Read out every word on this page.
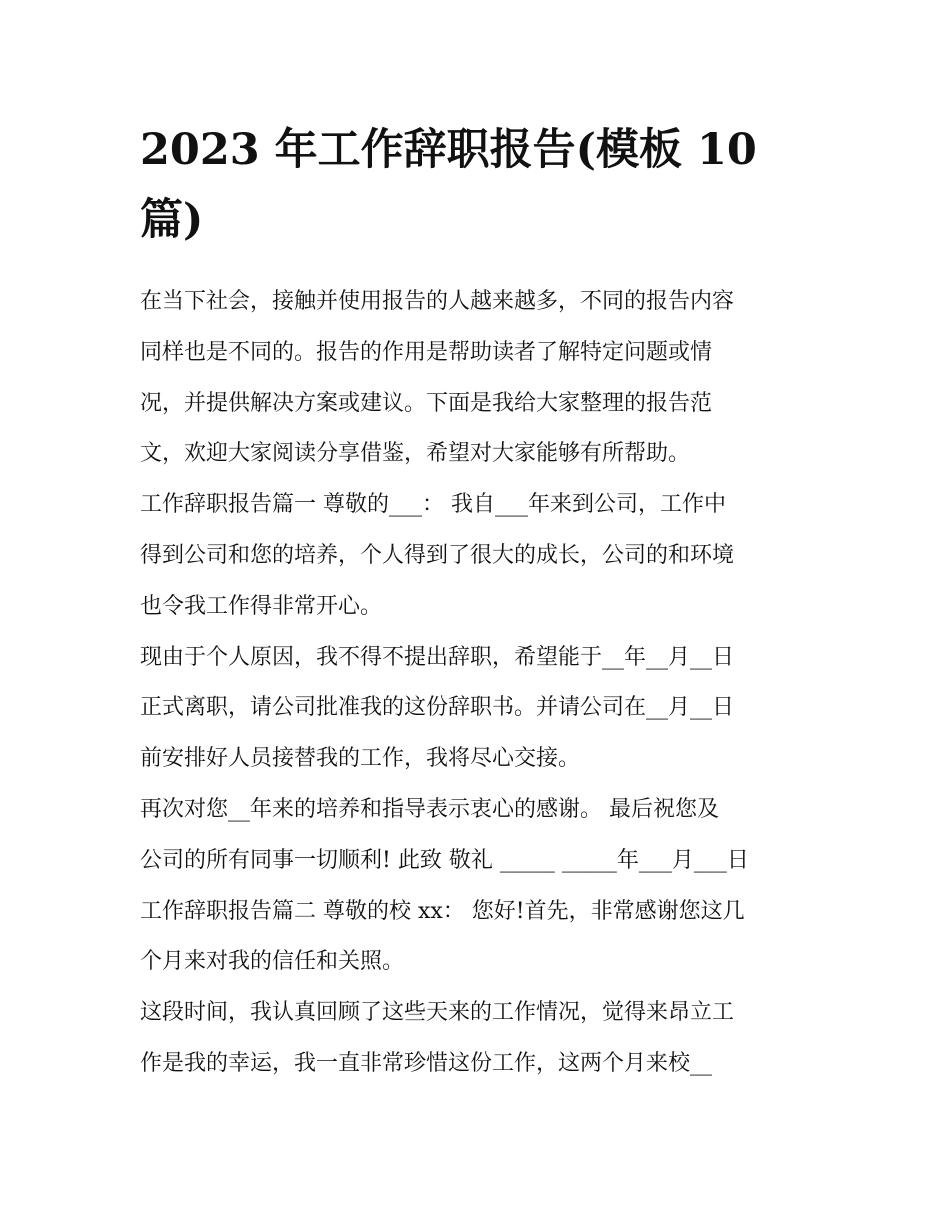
2023 年工作辞职报告(模板 10
篇)
在当下社会，接触并使用报告的人越来越多，不同的报告内容
同样也是不同的。报告的作用是帮助读者了解特定问题或情
况，并提供解决方案或建议。下面是我给大家整理的报告范
文，欢迎大家阅读分享借鉴，希望对大家能够有所帮助。
工作辞职报告篇一 尊敬的___： 我自___年来到公司，工作中
得到公司和您的培养，个人得到了很大的成长，公司的和环境
也令我工作得非常开心。
现由于个人原因，我不得不提出辞职，希望能于__年__月__日
正式离职，请公司批准我的这份辞职书。并请公司在__月__日
前安排好人员接替我的工作，我将尽心交接。
再次对您__年来的培养和指导表示衷心的感谢。 最后祝您及
公司的所有同事一切顺利! 此致 敬礼 _____ _____年___月___日
工作辞职报告篇二 尊敬的校 xx： 您好!首先，非常感谢您这几
个月来对我的信任和关照。
这段时间，我认真回顾了这些天来的工作情况，觉得来昂立工
作是我的幸运，我一直非常珍惜这份工作，这两个月来校__
